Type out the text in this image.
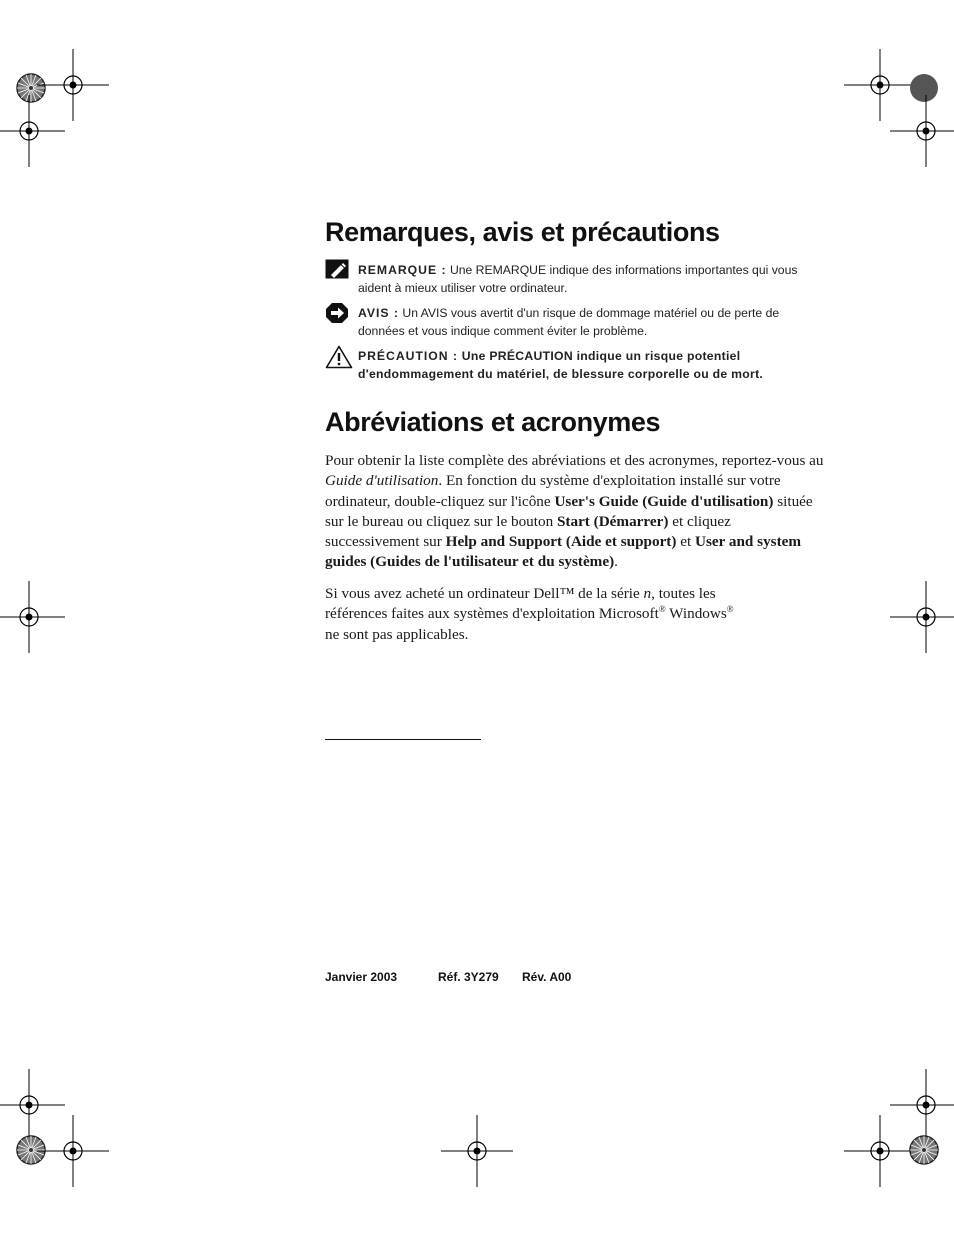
Remarques, avis et précautions
REMARQUE : Une REMARQUE indique des informations importantes qui vous aident à mieux utiliser votre ordinateur.
AVIS : Un AVIS vous avertit d'un risque de dommage matériel ou de perte de données et vous indique comment éviter le problème.
PRÉCAUTION : Une PRÉCAUTION indique un risque potentiel d'endommagement du matériel, de blessure corporelle ou de mort.
Abréviations et acronymes

Pour obtenir la liste complète des abréviations et des acronymes, reportez-vous au Guide d'utilisation. En fonction du système d'exploitation installé sur votre ordinateur, double-cliquez sur l'icône User's Guide (Guide d'utilisation) située sur le bureau ou cliquez sur le bouton Start (Démarrer) et cliquez successivement sur Help and Support (Aide et support) et User and system guides (Guides de l'utilisateur et du système).

Si vous avez acheté un ordinateur Dell™ de la série n, toutes les références faites aux systèmes d'exploitation Microsoft® Windows®
ne sont pas applicables.

Janvier 2003	Réf. 3Y279 Rév. A00
